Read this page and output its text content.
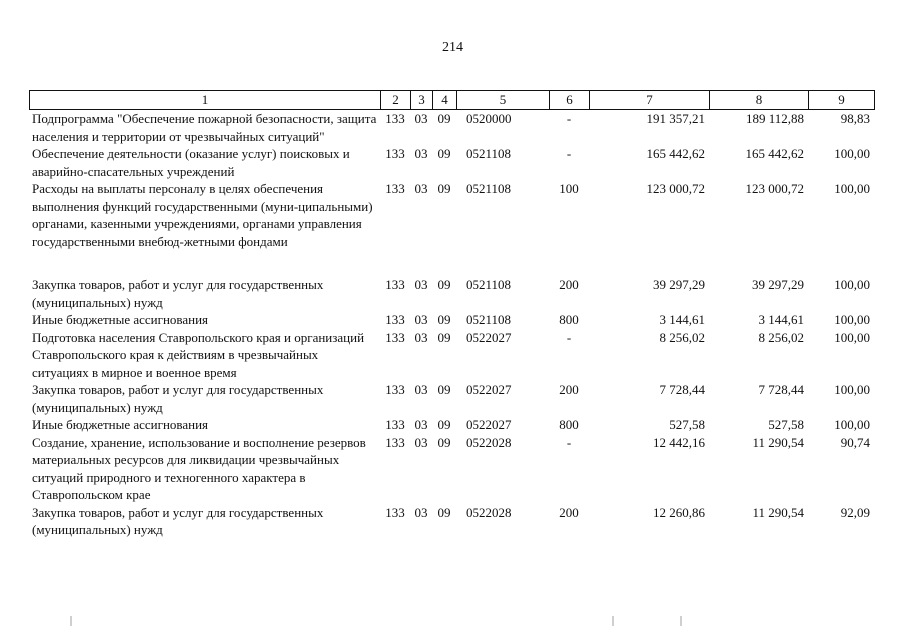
214
1	2	3	4	5	6	7	8	9
Подпрограмма "Обеспечение пожарной безопасности, защита населения и территории от чрезвычайных ситуаций"	133	03	09	0520000	-	191 357,21	189 112,88	98,83
Обеспечение деятельности (оказание услуг) поисковых и аварийно-спасательных учреждений	133	03	09	0521108	-	165 442,62	165 442,62	100,00
Расходы на выплаты персоналу в целях обеспечения выполнения функций государственными (муни-ципальными) органами, казенными учреждениями, органами управления государственными внебюд-жетными фондами	133	03	09	0521108	100	123 000,72	123 000,72	100,00

Закупка товаров, работ и услуг для государственных (муниципальных) нужд	133	03	09	0521108	200	39 297,29	39 297,29	100,00
Иные бюджетные ассигнования	133	03	09	0521108	800	3 144,61	3 144,61	100,00
Подготовка населения Ставропольского края и организаций Ставропольского края к действиям в чрезвычайных ситуациях в мирное и военное время	133	03	09	0522027	-	8 256,02	8 256,02	100,00
Закупка товаров, работ и услуг для государственных (муниципальных) нужд	133	03	09	0522027	200	7 728,44	7 728,44	100,00
Иные бюджетные ассигнования	133	03	09	0522027	800	527,58	527,58	100,00
Создание, хранение, использование и восполнение резервов материальных ресурсов для ликвидации чрезвычайных ситуаций природного и техногенного характера в Ставропольском крае	133	03	09	0522028	-	12 442,16	11 290,54	90,74
Закупка товаров, работ и услуг для государственных (муниципальных) нужд	133	03	09	0522028	200	12 260,86	11 290,54	92,09
